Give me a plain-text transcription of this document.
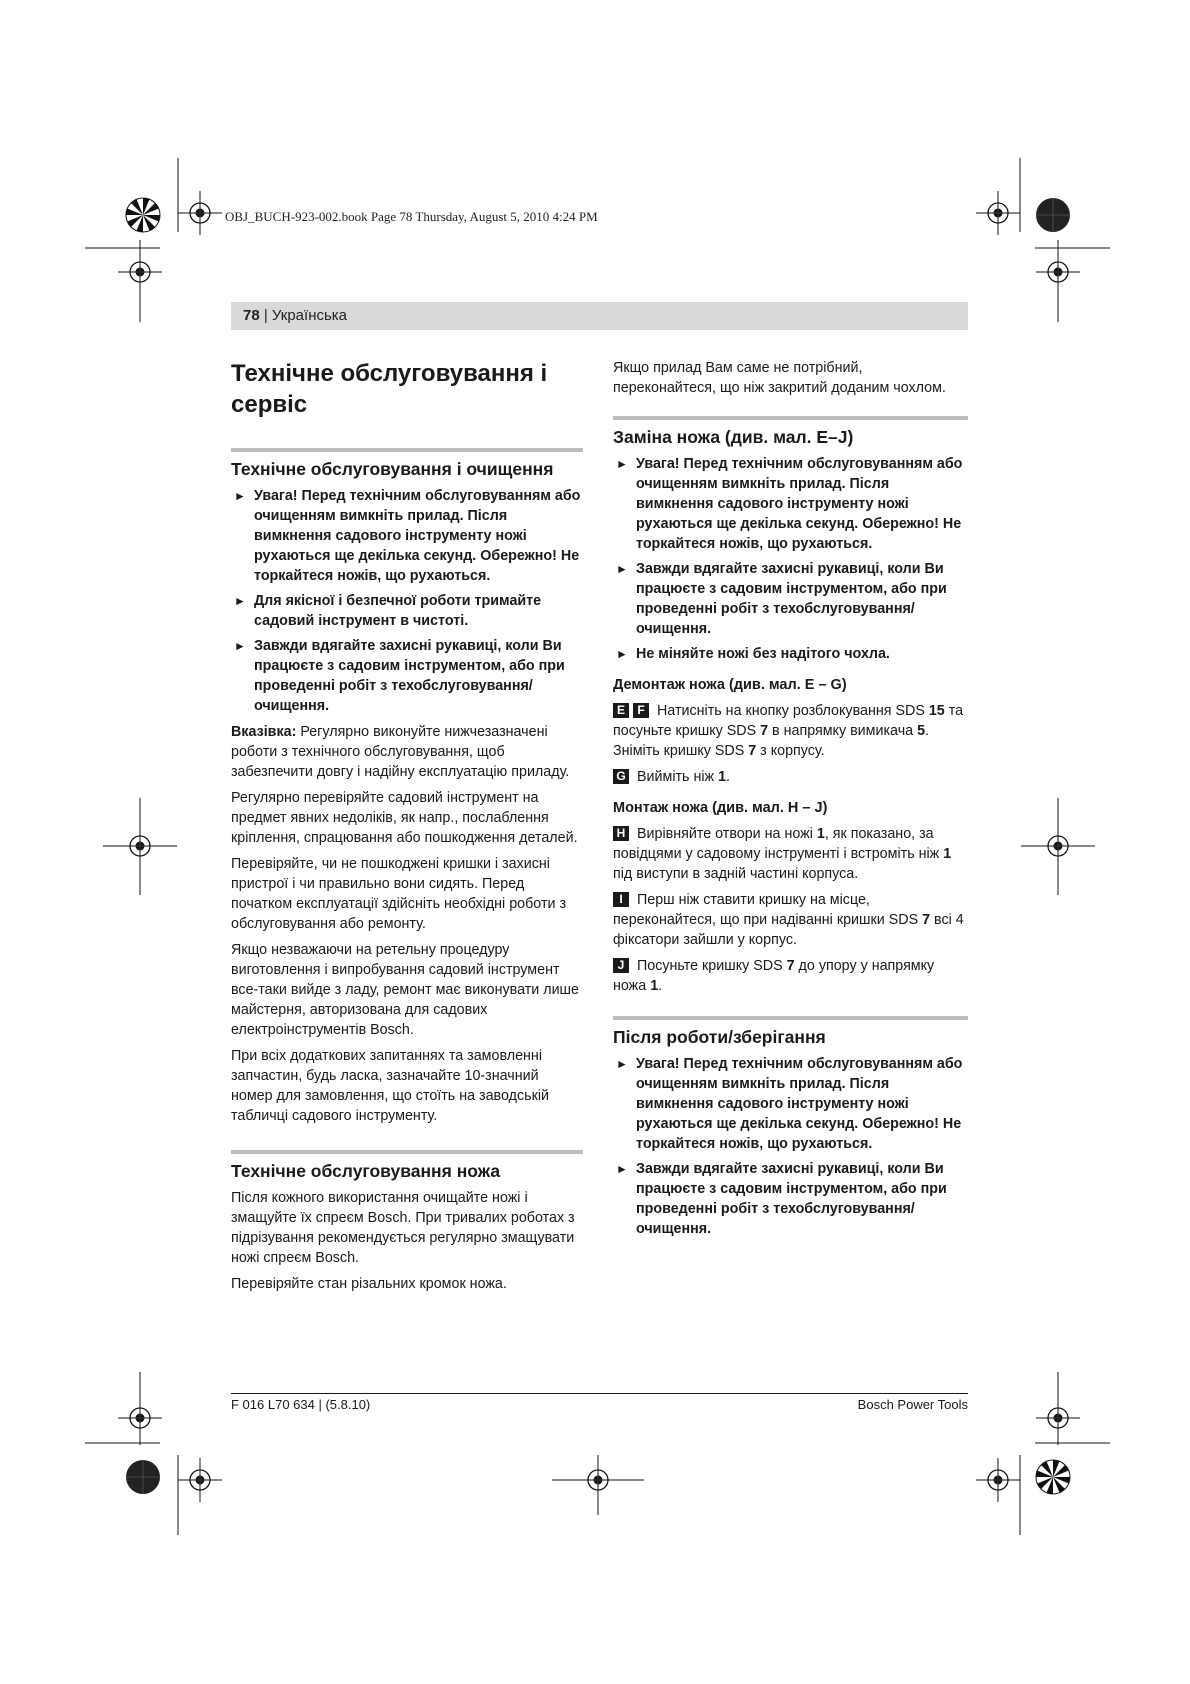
OBJ_BUCH-923-002.book Page 78 Thursday, August 5, 2010 4:24 PM
78 | Українська
Технічне обслуговування і сервіс
Технічне обслуговування і очищення
► Увага! Перед технічним обслуговуванням або очищенням вимкніть прилад. Після вимкнення садового інструменту ножі рухаються ще декілька секунд. Обережно! Не торкайтеся ножів, що рухаються.
► Для якісної і безпечної роботи тримайте садовий інструмент в чистоті.
► Завжди вдягайте захисні рукавиці, коли Ви працюєте з садовим інструментом, або при проведенні робіт з техобслуговування/очищення.

Вказівка: Регулярно виконуйте нижчезазначені роботи з технічного обслуговування, щоб забезпечити довгу і надійну експлуатацію приладу.

Регулярно перевіряйте садовий інструмент на предмет явних недоліків, як напр., послаблення кріплення, спрацювання або пошкодження деталей.

Перевіряйте, чи не пошкоджені кришки і захисні пристрої і чи правильно вони сидять. Перед початком експлуатації здійсніть необхідні роботи з обслуговування або ремонту.

Якщо незважаючи на ретельну процедуру виготовлення і випробування садовий інструмент все-таки вийде з ладу, ремонт має виконувати лише майстерня, авторизована для садових електроінструментів Bosch.

При всіх додаткових запитаннях та замовленні запчастин, будь ласка, зазначайте 10-значний номер для замовлення, що стоїть на заводській табличці садового інструменту.

Технічне обслуговування ножа

Після кожного використання очищайте ножі і змащуйте їх спреєм Bosch. При тривалих роботах з підрізування рекомендується регулярно змащувати ножі спреєм Bosch.

Перевіряйте стан різальних кромок ножа.

Якщо прилад Вам саме не потрібний, переконайтеся, що ніж закритий доданим чохлом.

Заміна ножа (див. мал. E–J)
► Увага! Перед технічним обслуговуванням або очищенням вимкніть прилад. Після вимкнення садового інструменту ножі рухаються ще декілька секунд. Обережно! Не торкайтеся ножів, що рухаються.
► Завжди вдягайте захисні рукавиці, коли Ви працюєте з садовим інструментом, або при проведенні робіт з техобслуговування/очищення.
► Не міняйте ножі без надітого чохла.
Демонтаж ножа (див. мал. E – G)

E F Натисніть на кнопку розблокування SDS 15 та посуньте кришку SDS 7 в напрямку вимикача 5. Зніміть кришку SDS 7 з корпусу.

G Вийміть ніж 1.

Монтаж ножа (див. мал. H – J)

H Вирівняйте отвори на ножі 1, як показано, за повідцями у садовому інструменті і встроміть ніж 1 під виступи в задній частині корпуса.

I Перш ніж ставити кришку на місце, переконайтеся, що при надіванні кришки SDS 7 всі 4 фіксатори зайшли у корпус.

J Посуньте кришку SDS 7 до упору у напрямку ножа 1.

Після роботи/зберігання
► Увага! Перед технічним обслуговуванням або очищенням вимкніть прилад. Після вимкнення садового інструменту ножі рухаються ще декілька секунд. Обережно! Не торкайтеся ножів, що рухаються.
► Завжди вдягайте захисні рукавиці, коли Ви працюєте з садовим інструментом, або при проведенні робіт з техобслуговування/очищення.
F 016 L70 634 | (5.8.10)	Bosch Power Tools
